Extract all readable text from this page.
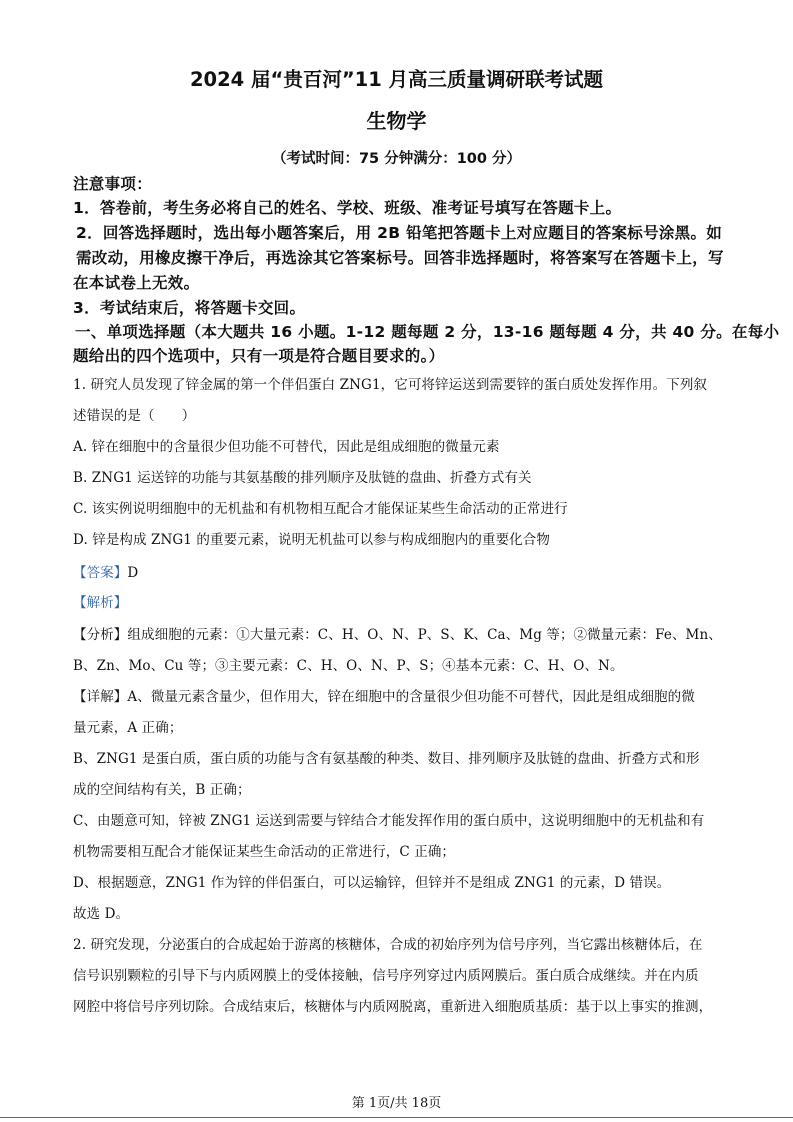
2024 届“贵百河”11 月高三质量调研联考试题
生物学
（考试时间：75 分钟满分：100 分）
注意事项：
1．答卷前，考生务必将自己的姓名、学校、班级、准考证号填写在答题卡上。
2．回答选择题时，选出每小题答案后，用 2B 铅笔把答题卡上对应题目的答案标号涂黑。如
需改动，用橡皮擦干净后，再选涂其它答案标号。回答非选择题时，将答案写在答题卡上，写
在本试卷上无效。
3．考试结束后，将答题卡交回。
一、单项选择题（本大题共 16 小题。1-12 题每题 2 分，13-16 题每题 4 分，共 40 分。在每小
题给出的四个选项中，只有一项是符合题目要求的。）
1. 研究人员发现了锌金属的第一个伴侣蛋白 ZNG1，它可将锌运送到需要锌的蛋白质处发挥作用。下列叙
述错误的是（　　）
A. 锌在细胞中的含量很少但功能不可替代，因此是组成细胞的微量元素
B. ZNG1 运送锌的功能与其氨基酸的排列顺序及肽链的盘曲、折叠方式有关
C. 该实例说明细胞中的无机盐和有机物相互配合才能保证某些生命活动的正常进行
D. 锌是构成 ZNG1 的重要元素，说明无机盐可以参与构成细胞内的重要化合物
【答案】D
【解析】
【分析】组成细胞的元素：①大量元素：C、H、O、N、P、S、K、Ca、Mg 等；②微量元素：Fe、Mn、
B、Zn、Mo、Cu 等；③主要元素：C、H、O、N、P、S；④基本元素：C、H、O、N。
【详解】A、微量元素含量少，但作用大，锌在细胞中的含量很少但功能不可替代，因此是组成细胞的微
量元素，A 正确；
B、ZNG1 是蛋白质，蛋白质的功能与含有氨基酸的种类、数目、排列顺序及肽链的盘曲、折叠方式和形
成的空间结构有关，B 正确；
C、由题意可知，锌被 ZNG1 运送到需要与锌结合才能发挥作用的蛋白质中，这说明细胞中的无机盐和有
机物需要相互配合才能保证某些生命活动的正常进行，C 正确；
D、根据题意，ZNG1 作为锌的伴侣蛋白，可以运输锌，但锌并不是组成 ZNG1 的元素，D 错误。
故选 D。
2. 研究发现，分泌蛋白的合成起始于游离的核糖体，合成的初始序列为信号序列，当它露出核糖体后，在
信号识别颗粒的引导下与内质网膜上的受体接触，信号序列穿过内质网膜后。蛋白质合成继续。并在内质
网腔中将信号序列切除。合成结束后，核糖体与内质网脱离，重新进入细胞质基质：基于以上事实的推测，
第 1页/共 18页
